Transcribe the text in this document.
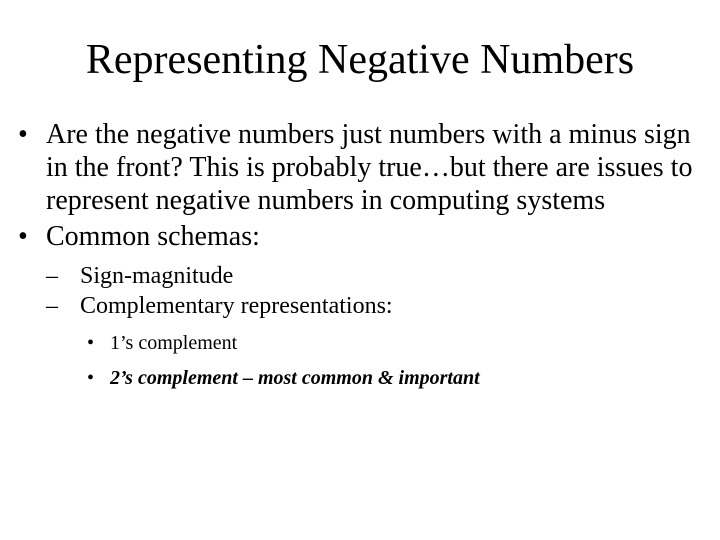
Representing Negative Numbers
• Are the negative numbers just numbers with a minus sign in the front? This is probably true…but there are issues to represent negative numbers in computing systems
• Common schemas:
– Sign-magnitude
– Complementary representations:
• 1’s complement
• 2’s complement – most common & important
